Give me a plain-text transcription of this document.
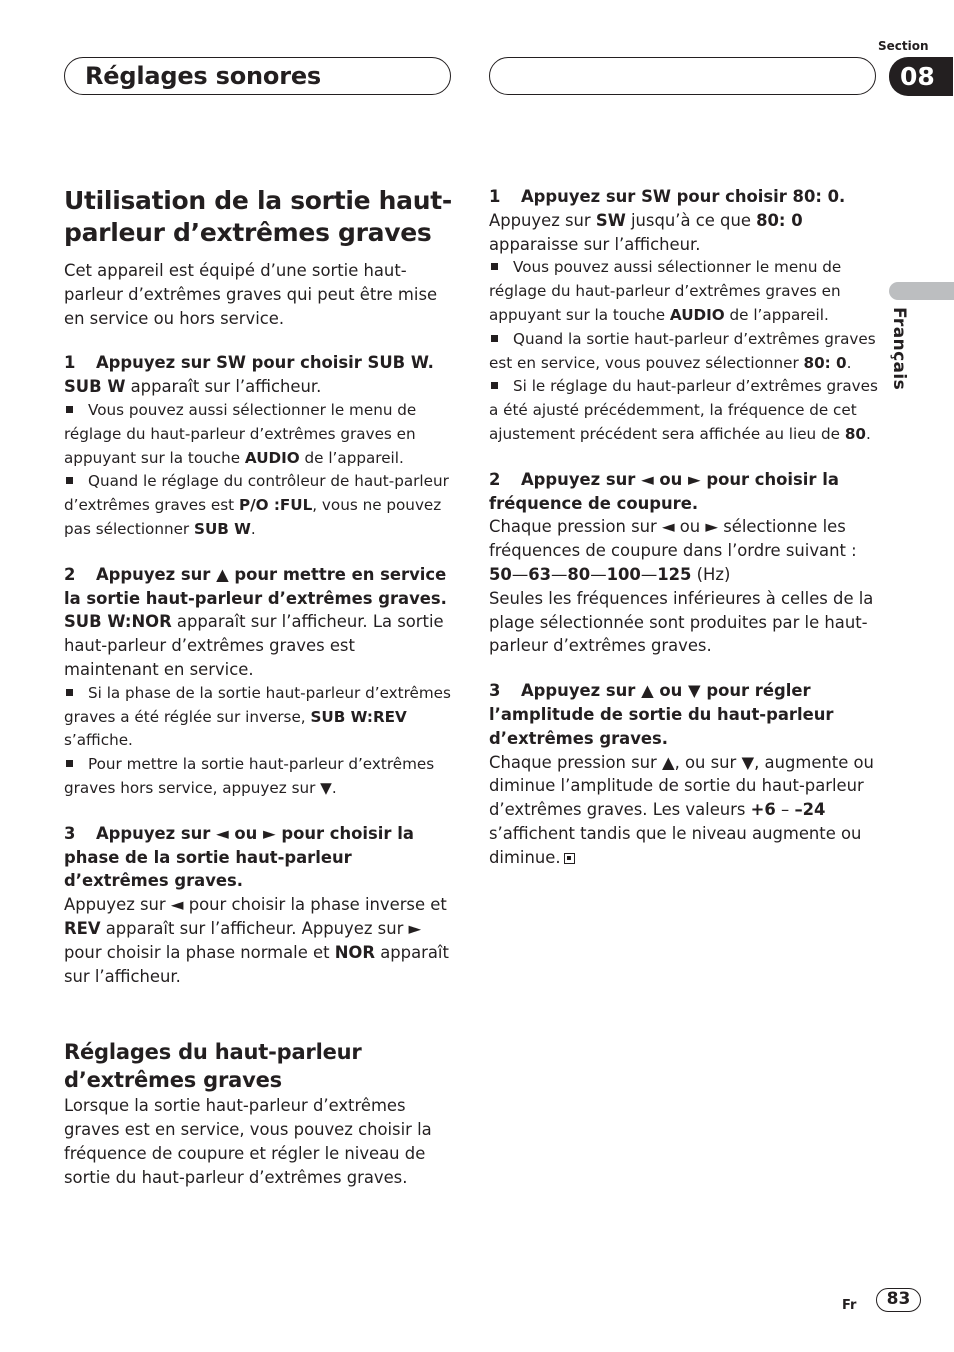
Réglages sonores
Section
08
Français
Utilisation de la sortie haut-parleur d’extrêmes graves

Cet appareil est équipé d’une sortie haut-parleur d’extrêmes graves qui peut être mise en service ou hors service.

1 Appuyez sur SW pour choisir SUB W.

SUB W apparaît sur l’afficheur.

Vous pouvez aussi sélectionner le menu de réglage du haut-parleur d’extrêmes graves en appuyant sur la touche AUDIO de l’appareil.

Quand le réglage du contrôleur de haut-parleur d’extrêmes graves est P/O :FUL, vous ne pouvez pas sélectionner SUB W.

2 Appuyez sur ▲ pour mettre en service la sortie haut-parleur d’extrêmes graves.

SUB W:NOR apparaît sur l’afficheur. La sortie haut-parleur d’extrêmes graves est maintenant en service.

Si la phase de la sortie haut-parleur d’extrêmes graves a été réglée sur inverse, SUB W:REV s’affiche.

Pour mettre la sortie haut-parleur d’extrêmes graves hors service, appuyez sur ▼.

3 Appuyez sur ◄ ou ► pour choisir la phase de la sortie haut-parleur d’extrêmes graves.

Appuyez sur ◄ pour choisir la phase inverse et REV apparaît sur l’afficheur. Appuyez sur ► pour choisir la phase normale et NOR apparaît sur l’afficheur.

Réglages du haut-parleur d’extrêmes graves

Lorsque la sortie haut-parleur d’extrêmes graves est en service, vous pouvez choisir la fréquence de coupure et régler le niveau de sortie du haut-parleur d’extrêmes graves.

1 Appuyez sur SW pour choisir 80: 0.

Appuyez sur SW jusqu’à ce que 80: 0 apparaisse sur l’afficheur.

Vous pouvez aussi sélectionner le menu de réglage du haut-parleur d’extrêmes graves en appuyant sur la touche AUDIO de l’appareil.

Quand la sortie haut-parleur d’extrêmes graves est en service, vous pouvez sélectionner 80: 0.

Si le réglage du haut-parleur d’extrêmes graves a été ajusté précédemment, la fréquence de cet ajustement précédent sera affichée au lieu de 80.

2 Appuyez sur ◄ ou ► pour choisir la fréquence de coupure.

Chaque pression sur ◄ ou ► sélectionne les fréquences de coupure dans l’ordre suivant :

50—63—80—100—125 (Hz)

Seules les fréquences inférieures à celles de la plage sélectionnée sont produites par le haut-parleur d’extrêmes graves.

3 Appuyez sur ▲ ou ▼ pour régler l’amplitude de sortie du haut-parleur d’extrêmes graves.

Chaque pression sur ▲, ou sur ▼, augmente ou diminue l’amplitude de sortie du haut-parleur d’extrêmes graves. Les valeurs +6 – –24 s’affichent tandis que le niveau augmente ou diminue.

Fr	83
